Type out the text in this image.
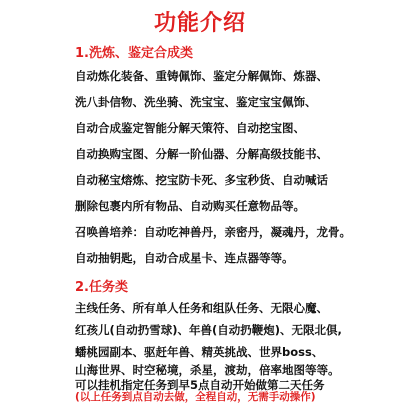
功能介绍
1.洗炼、鉴定合成类
自动炼化装备、重铸佩饰、鉴定分解佩饰、炼器、
洗八卦信物、洗坐骑、洗宝宝、鉴定宝宝佩饰、
自动合成鉴定智能分解天策符、自动挖宝图、
自动换购宝图、分解一阶仙器、分解高级技能书、
自动秘宝熔炼、挖宝防卡死、多宝秒货、自动喊话
删除包裹内所有物品、自动购买任意物品等。
召唤兽培养：自动吃神兽丹，亲密丹，凝魂丹，龙骨。
自动抽钥匙，自动合成星卡、连点器等等。
2.任务类
主线任务、所有单人任务和组队任务、无限心魔、
红孩儿(自动扔雪球)、年兽(自动扔鞭炮)、无限北俱,
蟠桃园副本、驱赶年兽、精英挑战、世界boss、
山海世界、时空秘境，杀星，渡劫，倍率地图等等。
可以挂机指定任务到早5点自动开始做第二天任务
(以上任务到点自动去做，全程自动，无需手动操作)
